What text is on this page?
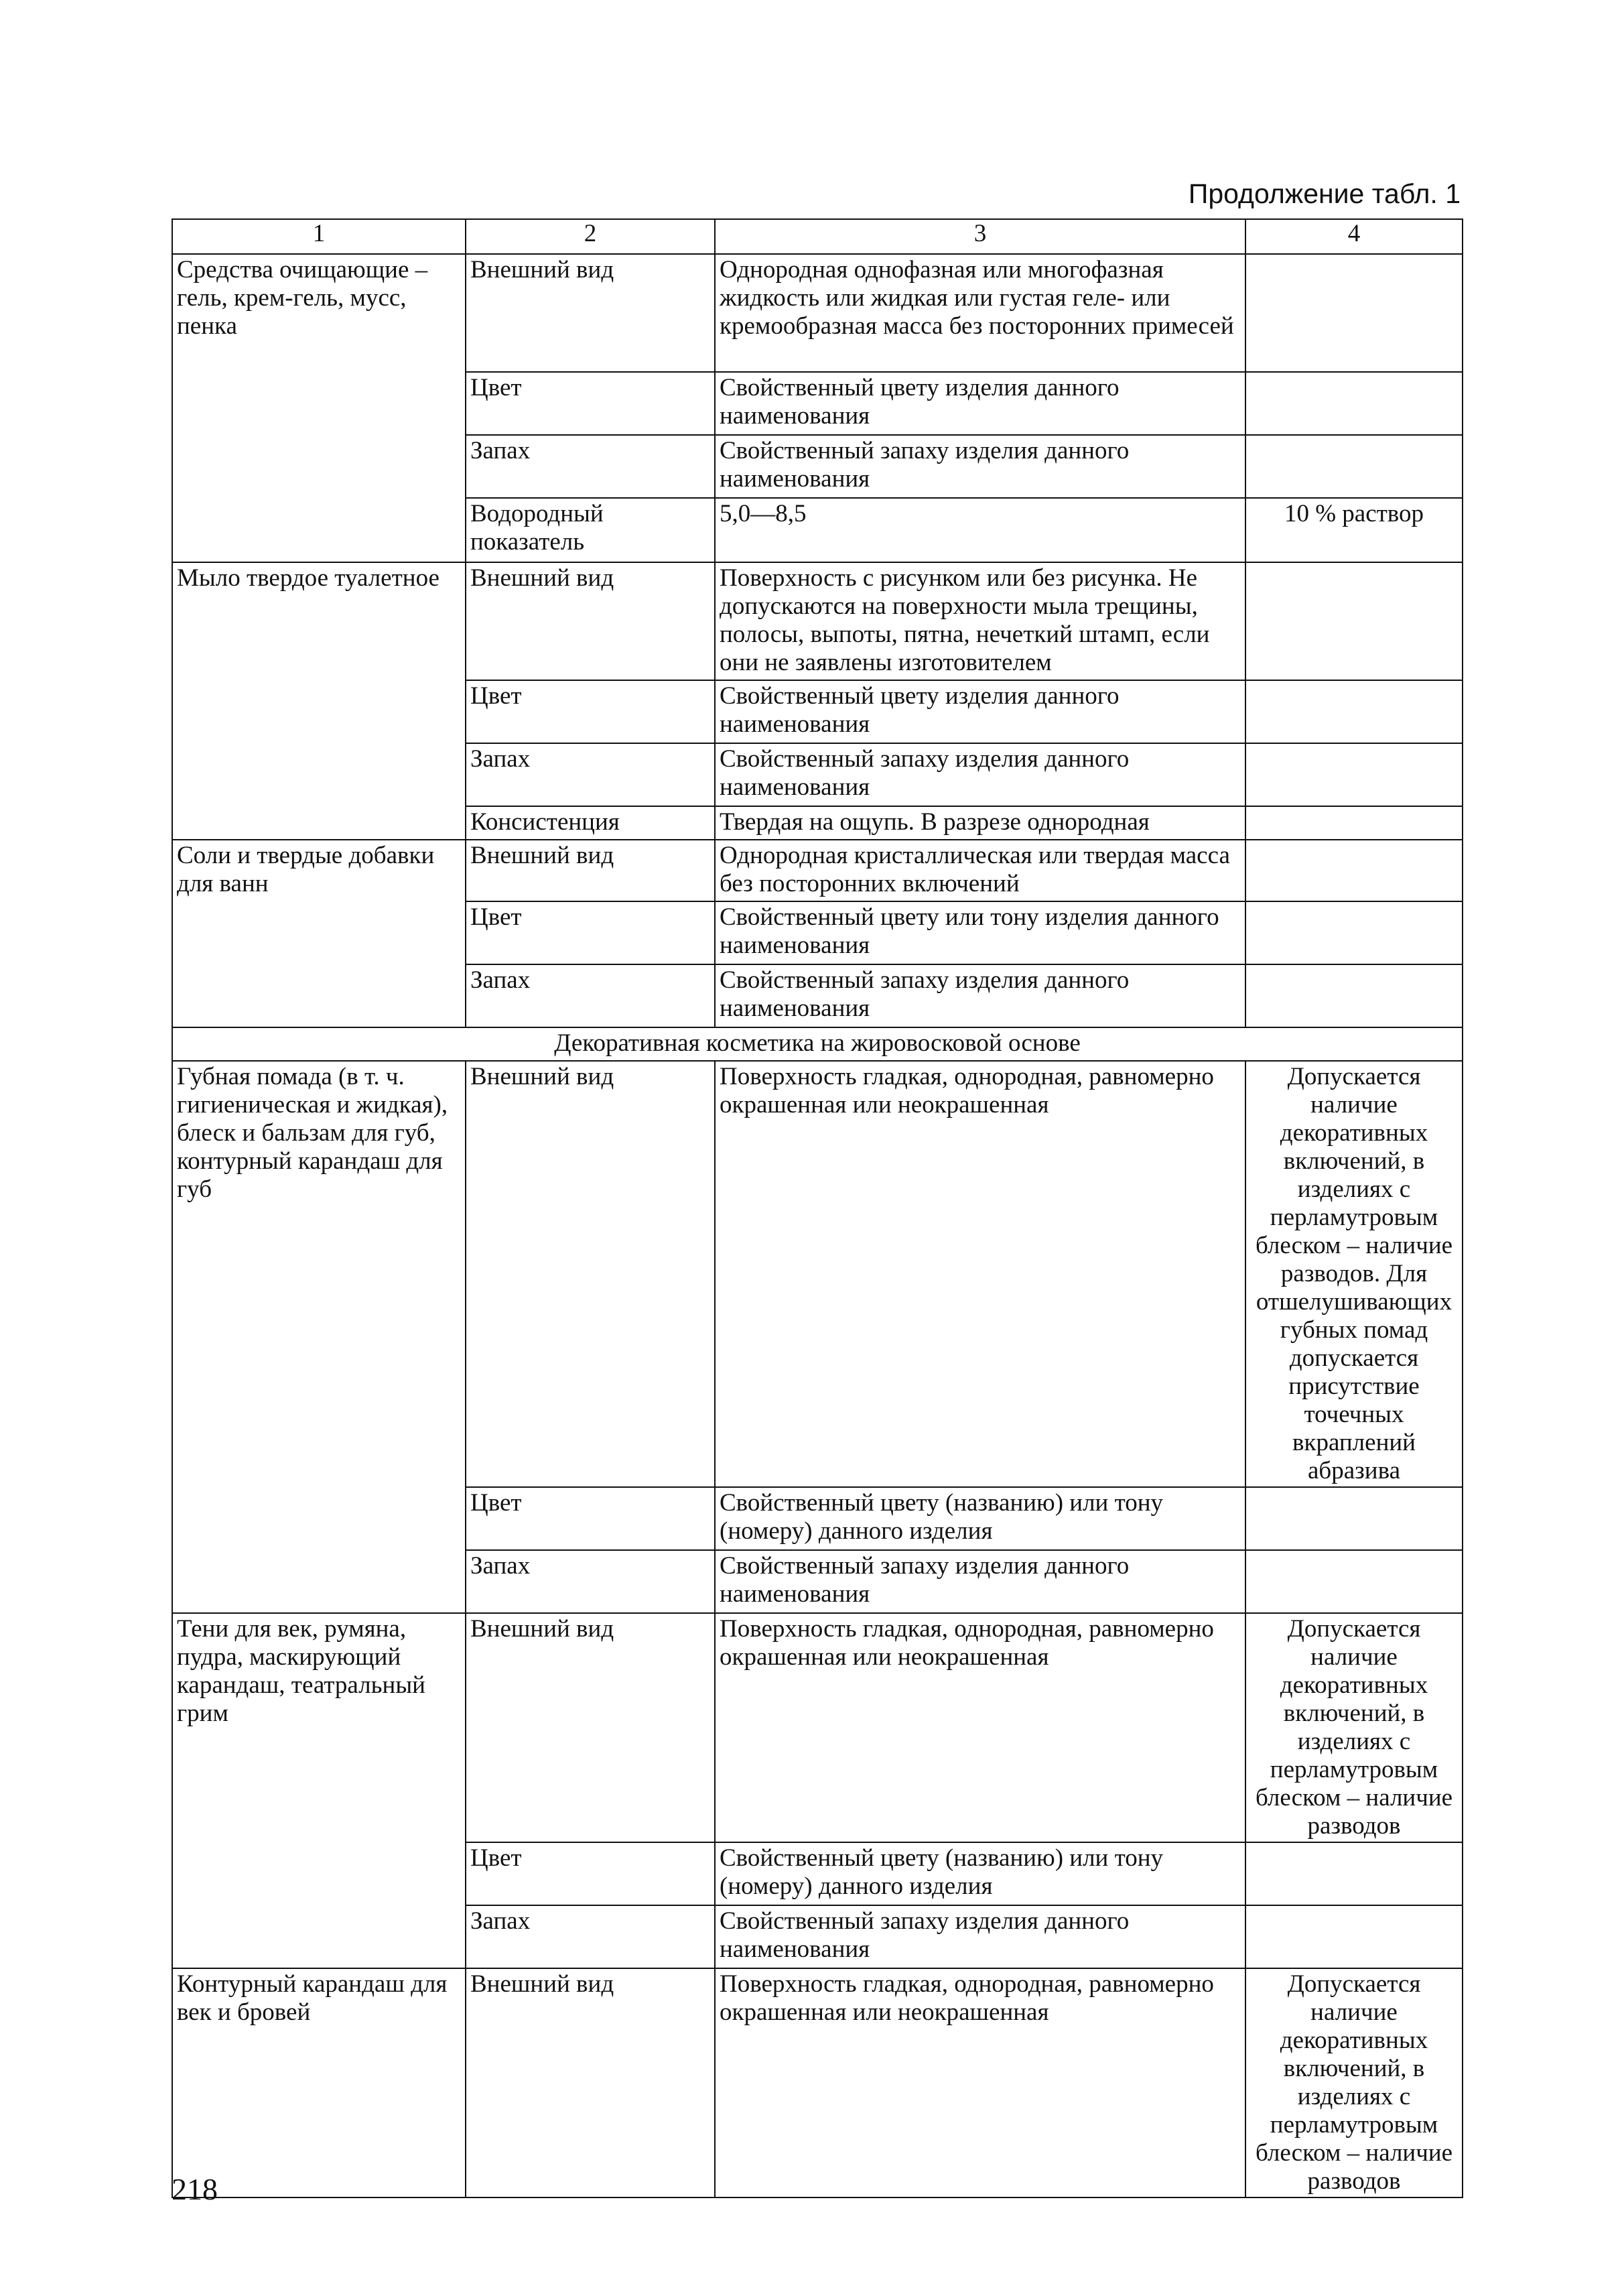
Продолжение табл. 1
1	2	3	4
Средства очищающие – гель, крем-гель, мусс, пенка	Внешний вид	Однородная однофазная или многофазная жидкость или жидкая или густая геле- или кремообразная масса без посторонних примесей	
	Цвет	Свойственный цвету изделия данного наименования	
	Запах	Свойственный запаху изделия данного наименования	
	Водородный показатель	5,0—8,5	10 % раствор
Мыло твердое туалетное	Внешний вид	Поверхность с рисунком или без рисунка. Не допускаются на поверхности мыла трещины, полосы, выпоты, пятна, нечеткий штамп, если они не заявлены изготовителем	
	Цвет	Свойственный цвету изделия данного наименования	
	Запах	Свойственный запаху изделия данного наименования	
	Консистенция	Твердая на ощупь. В разрезе однородная	
Соли и твердые добавки для ванн	Внешний вид	Однородная кристаллическая или твердая масса без посторонних включений	
	Цвет	Свойственный цвету или тону изделия данного наименования	
	Запах	Свойственный запаху изделия данного наименования	
Декоративная косметика на жировосковой основе			
Губная помада (в т. ч. гигиеническая и жидкая), блеск и бальзам для губ, контурный карандаш для губ	Внешний вид	Поверхность гладкая, однородная, равномерно окрашенная или неокрашенная	Допускается наличие декоративных включений, в изделиях с перламутровым блеском – наличие разводов. Для отшелушивающих губных помад допускается присутствие точечных вкраплений абразива
	Цвет	Свойственный цвету (названию) или тону (номеру) данного изделия	
	Запах	Свойственный запаху изделия данного наименования	
Тени для век, румяна, пудра, маскирующий карандаш, театральный грим	Внешний вид	Поверхность гладкая, однородная, равномерно окрашенная или неокрашенная	Допускается наличие декоративных включений, в изделиях с перламутровым блеском – наличие разводов
	Цвет	Свойственный цвету (названию) или тону (номеру) данного изделия	
	Запах	Свойственный запаху изделия данного наименования	
Контурный карандаш для век и бровей	Внешний вид	Поверхность гладкая, однородная, равномерно окрашенная или неокрашенная	Допускается наличие декоративных включений, в изделиях с перламутровым блеском – наличие разводов
218
